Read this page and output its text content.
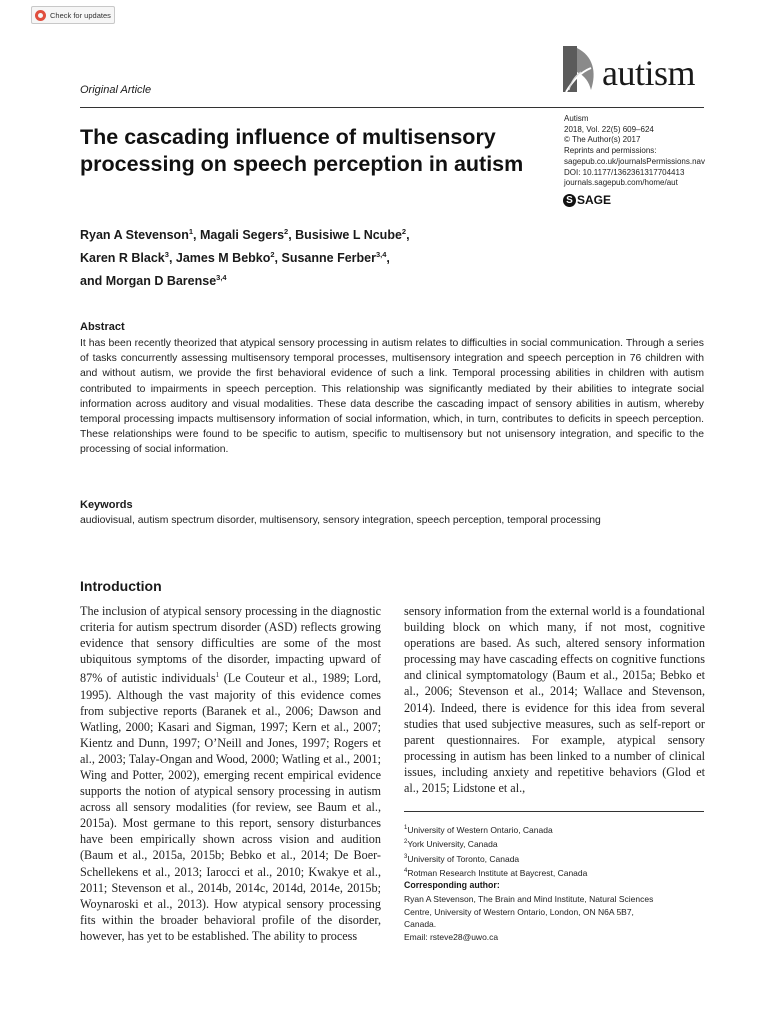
Check for updates
autism
Original Article
The cascading influence of multisensory processing on speech perception in autism
Autism
2018, Vol. 22(5) 609–624
© The Author(s) 2017
Reprints and permissions:
sagepub.co.uk/journalsPermissions.nav
DOI: 10.1177/1362361317704413
journals.sagepub.com/home/aut
S SAGE
Ryan A Stevenson$^1$, Magali Segers$^2$, Busisiwe L Ncube$^2$,
Karen R Black$^3$, James M Bebko$^2$, Susanne Ferber$^{3,4}$,
and Morgan D Barense$^{3,4}$
Abstract
It has been recently theorized that atypical sensory processing in autism relates to difficulties in social communication. Through a series of tasks concurrently assessing multisensory temporal processes, multisensory integration and speech perception in 76 children with and without autism, we provide the first behavioral evidence of such a link. Temporal processing abilities in children with autism contributed to impairments in speech perception. This relationship was significantly mediated by their abilities to integrate social information across auditory and visual modalities. These data describe the cascading impact of sensory abilities in autism, whereby temporal processing impacts multisensory information of social information, which, in turn, contributes to deficits in speech perception. These relationships were found to be specific to autism, specific to multisensory but not unisensory integration, and specific to the processing of social information.
Keywords
audiovisual, autism spectrum disorder, multisensory, sensory integration, speech perception, temporal processing
Introduction
The inclusion of atypical sensory processing in the diagnostic criteria for autism spectrum disorder (ASD) reflects growing evidence that sensory difficulties are some of the most ubiquitous symptoms of the disorder, impacting upward of 87% of autistic individuals$^1$ (Le Couteur et al., 1989; Lord, 1995). Although the vast majority of this evidence comes from subjective reports (Baranek et al., 2006; Dawson and Watling, 2000; Kasari and Sigman, 1997; Kern et al., 2007; Kientz and Dunn, 1997; O’Neill and Jones, 1997; Rogers et al., 2003; Talay-Ongan and Wood, 2000; Watling et al., 2001; Wing and Potter, 2002), emerging recent empirical evidence supports the notion of atypical sensory processing in autism across all sensory modalities (for review, see Baum et al., 2015a). Most germane to this report, sensory disturbances have been empirically shown across vision and audition (Baum et al., 2015a, 2015b; Bebko et al., 2014; De Boer-Schellekens et al., 2013; Iarocci et al., 2010; Kwakye et al., 2011; Stevenson et al., 2014b, 2014c, 2014d, 2014e, 2015b; Woynaroski et al., 2013). How atypical sensory processing fits within the broader behavioral profile of the disorder, however, has yet to be established. The ability to process
sensory information from the external world is a foundational building block on which many, if not most, cognitive operations are based. As such, altered sensory information processing may have cascading effects on cognitive functions and clinical symptomatology (Baum et al., 2015a; Bebko et al., 2006; Stevenson et al., 2014; Wallace and Stevenson, 2014). Indeed, there is evidence for this idea from several studies that used subjective measures, such as self-report or parent questionnaires. For example, atypical sensory processing in autism has been linked to a number of clinical issues, including anxiety and repetitive behaviors (Glod et al., 2015; Lidstone et al.,
$^1$University of Western Ontario, Canada
$^2$York University, Canada
$^3$University of Toronto, Canada
$^4$Rotman Research Institute at Baycrest, Canada
Corresponding author:
Ryan A Stevenson, The Brain and Mind Institute, Natural Sciences
Centre, University of Western Ontario, London, ON N6A 5B7,
Canada.
Email: rsteve28@uwo.ca
